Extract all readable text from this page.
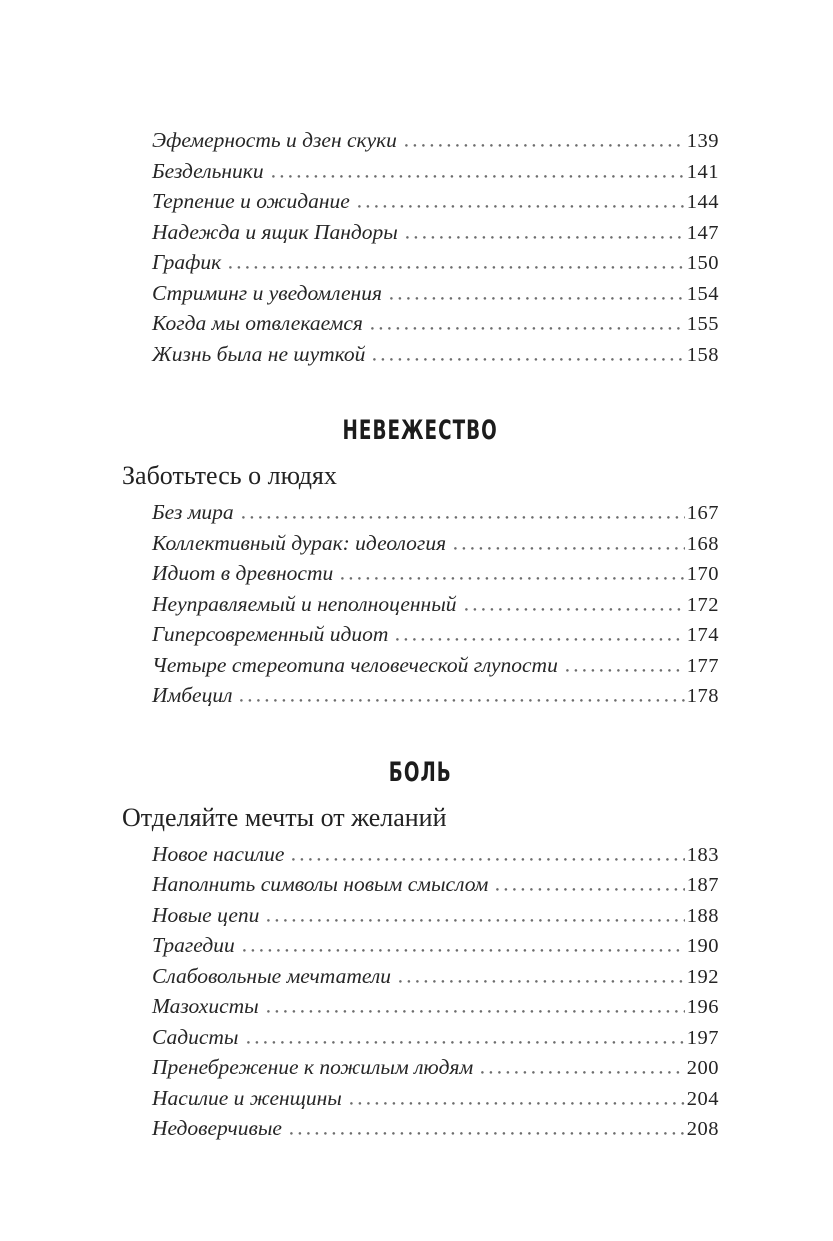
Эфемерность и дзен скуки	139
Бездельники	141
Терпение и ожидание	144
Надежда и ящик Пандоры	147
График	150
Стриминг и уведомления	154
Когда мы отвлекаемся	155
Жизнь была не шуткой	158
НЕВЕЖЕСТВО
Заботьтесь о людях
Без мира	167
Коллективный дурак: идеология	168
Идиот в древности	170
Неуправляемый и неполноценный	172
Гиперсовременный идиот	174
Четыре стереотипа человеческой глупости	177
Имбецил	178
БОЛЬ
Отделяйте мечты от желаний
Новое насилие	183
Наполнить символы новым смыслом	187
Новые цепи	188
Трагедии	190
Слабовольные мечтатели	192
Мазохисты	196
Садисты	197
Пренебрежение к пожилым людям	200
Насилие и женщины	204
Недоверчивые	208
